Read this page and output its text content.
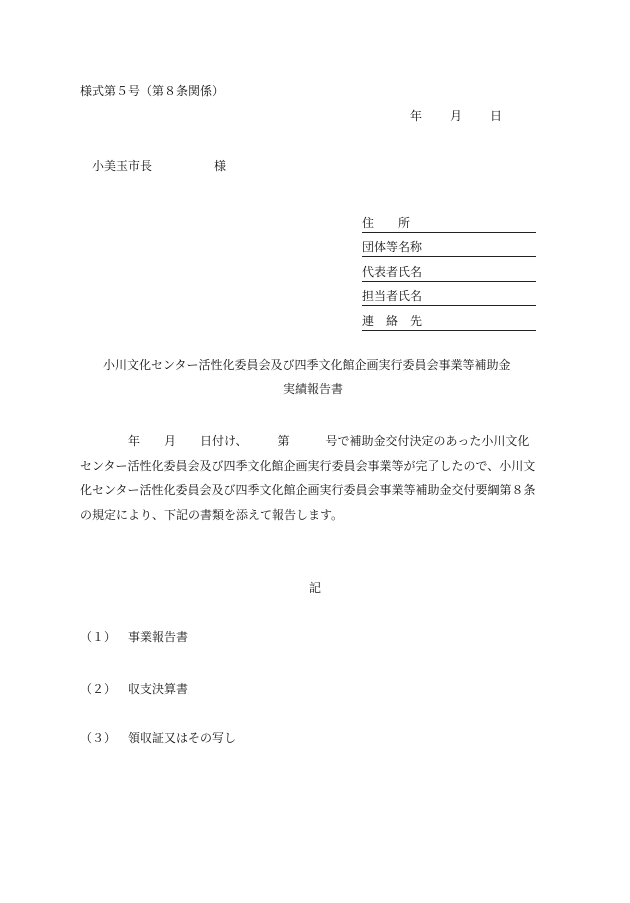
様式第５号（第８条関係）
年 月 日
小美玉市長	様
住　　所
団体等名称
代表者氏名
担当者氏名
連　絡　先
小川文化センター活性化委員会及び四季文化館企画実行委員会事業等補助金
実績報告書
　　　　年　　月　　日付け、　　　第　　　号で補助金交付決定のあった小川文化
センター活性化委員会及び四季文化館企画実行委員会事業等が完了したので、小川文
化センター活性化委員会及び四季文化館企画実行委員会事業等補助金交付要綱第８条
の規定により、下記の書類を添えて報告します。
記
（１） 事業報告書
（２） 収支決算書
（３） 領収証又はその写し
